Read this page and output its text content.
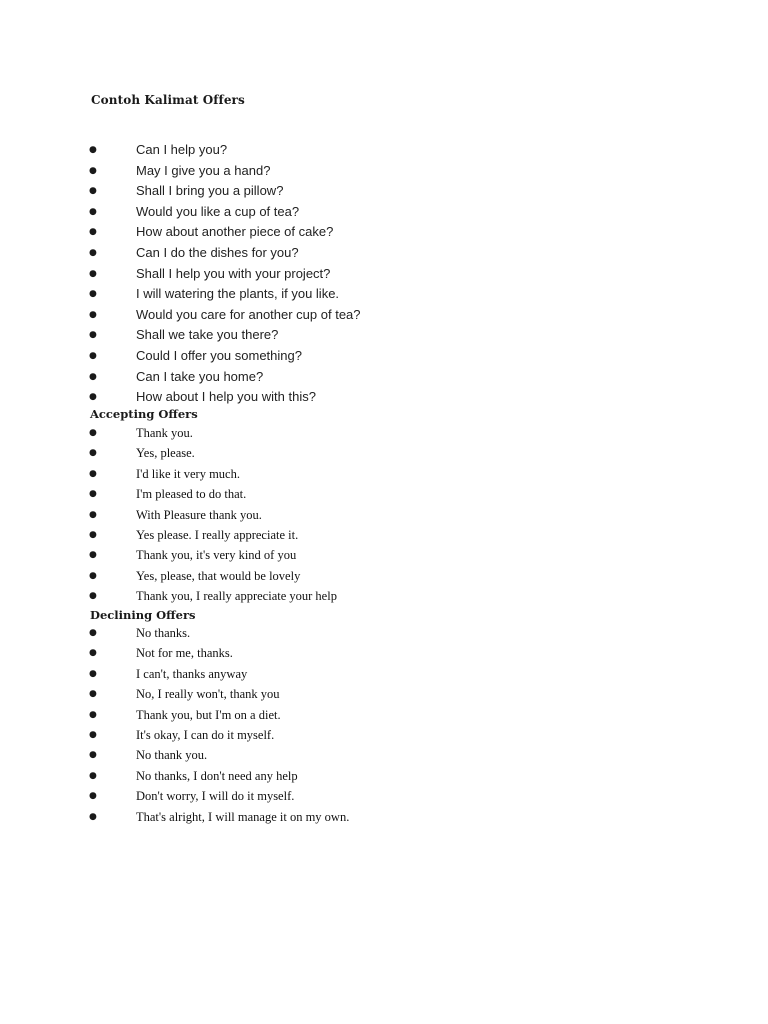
Contoh Kalimat Offers
●	Can I help you?
●	May I give you a hand?
●	Shall I bring you a pillow?
●	Would you like a cup of tea?
●	How about another piece of cake?
●	Can I do the dishes for you?
●	Shall I help you with your project?
●	I will watering the plants, if you like.
●	Would you care for another cup of tea?
●	Shall we take you there?
●	Could I offer you something?
●	Can I take you home?
●	How about I help you with this?
Accepting Offers
●	Thank you.
●	Yes, please.
●	I'd like it very much.
●	I'm pleased to do that.
●	With Pleasure thank you.
●	Yes please. I really appreciate it.
●	Thank you, it's very kind of you
●	Yes, please, that would be lovely
●	Thank you, I really appreciate your help
Declining Offers
●	No thanks.
●	Not for me, thanks.
●	I can't, thanks anyway
●	No, I really won't, thank you
●	Thank you, but I'm on a diet.
●	It's okay, I can do it myself.
●	No thank you.
●	No thanks, I don't need any help
●	Don't worry, I will do it myself.
●	That's alright, I will manage it on my own.
